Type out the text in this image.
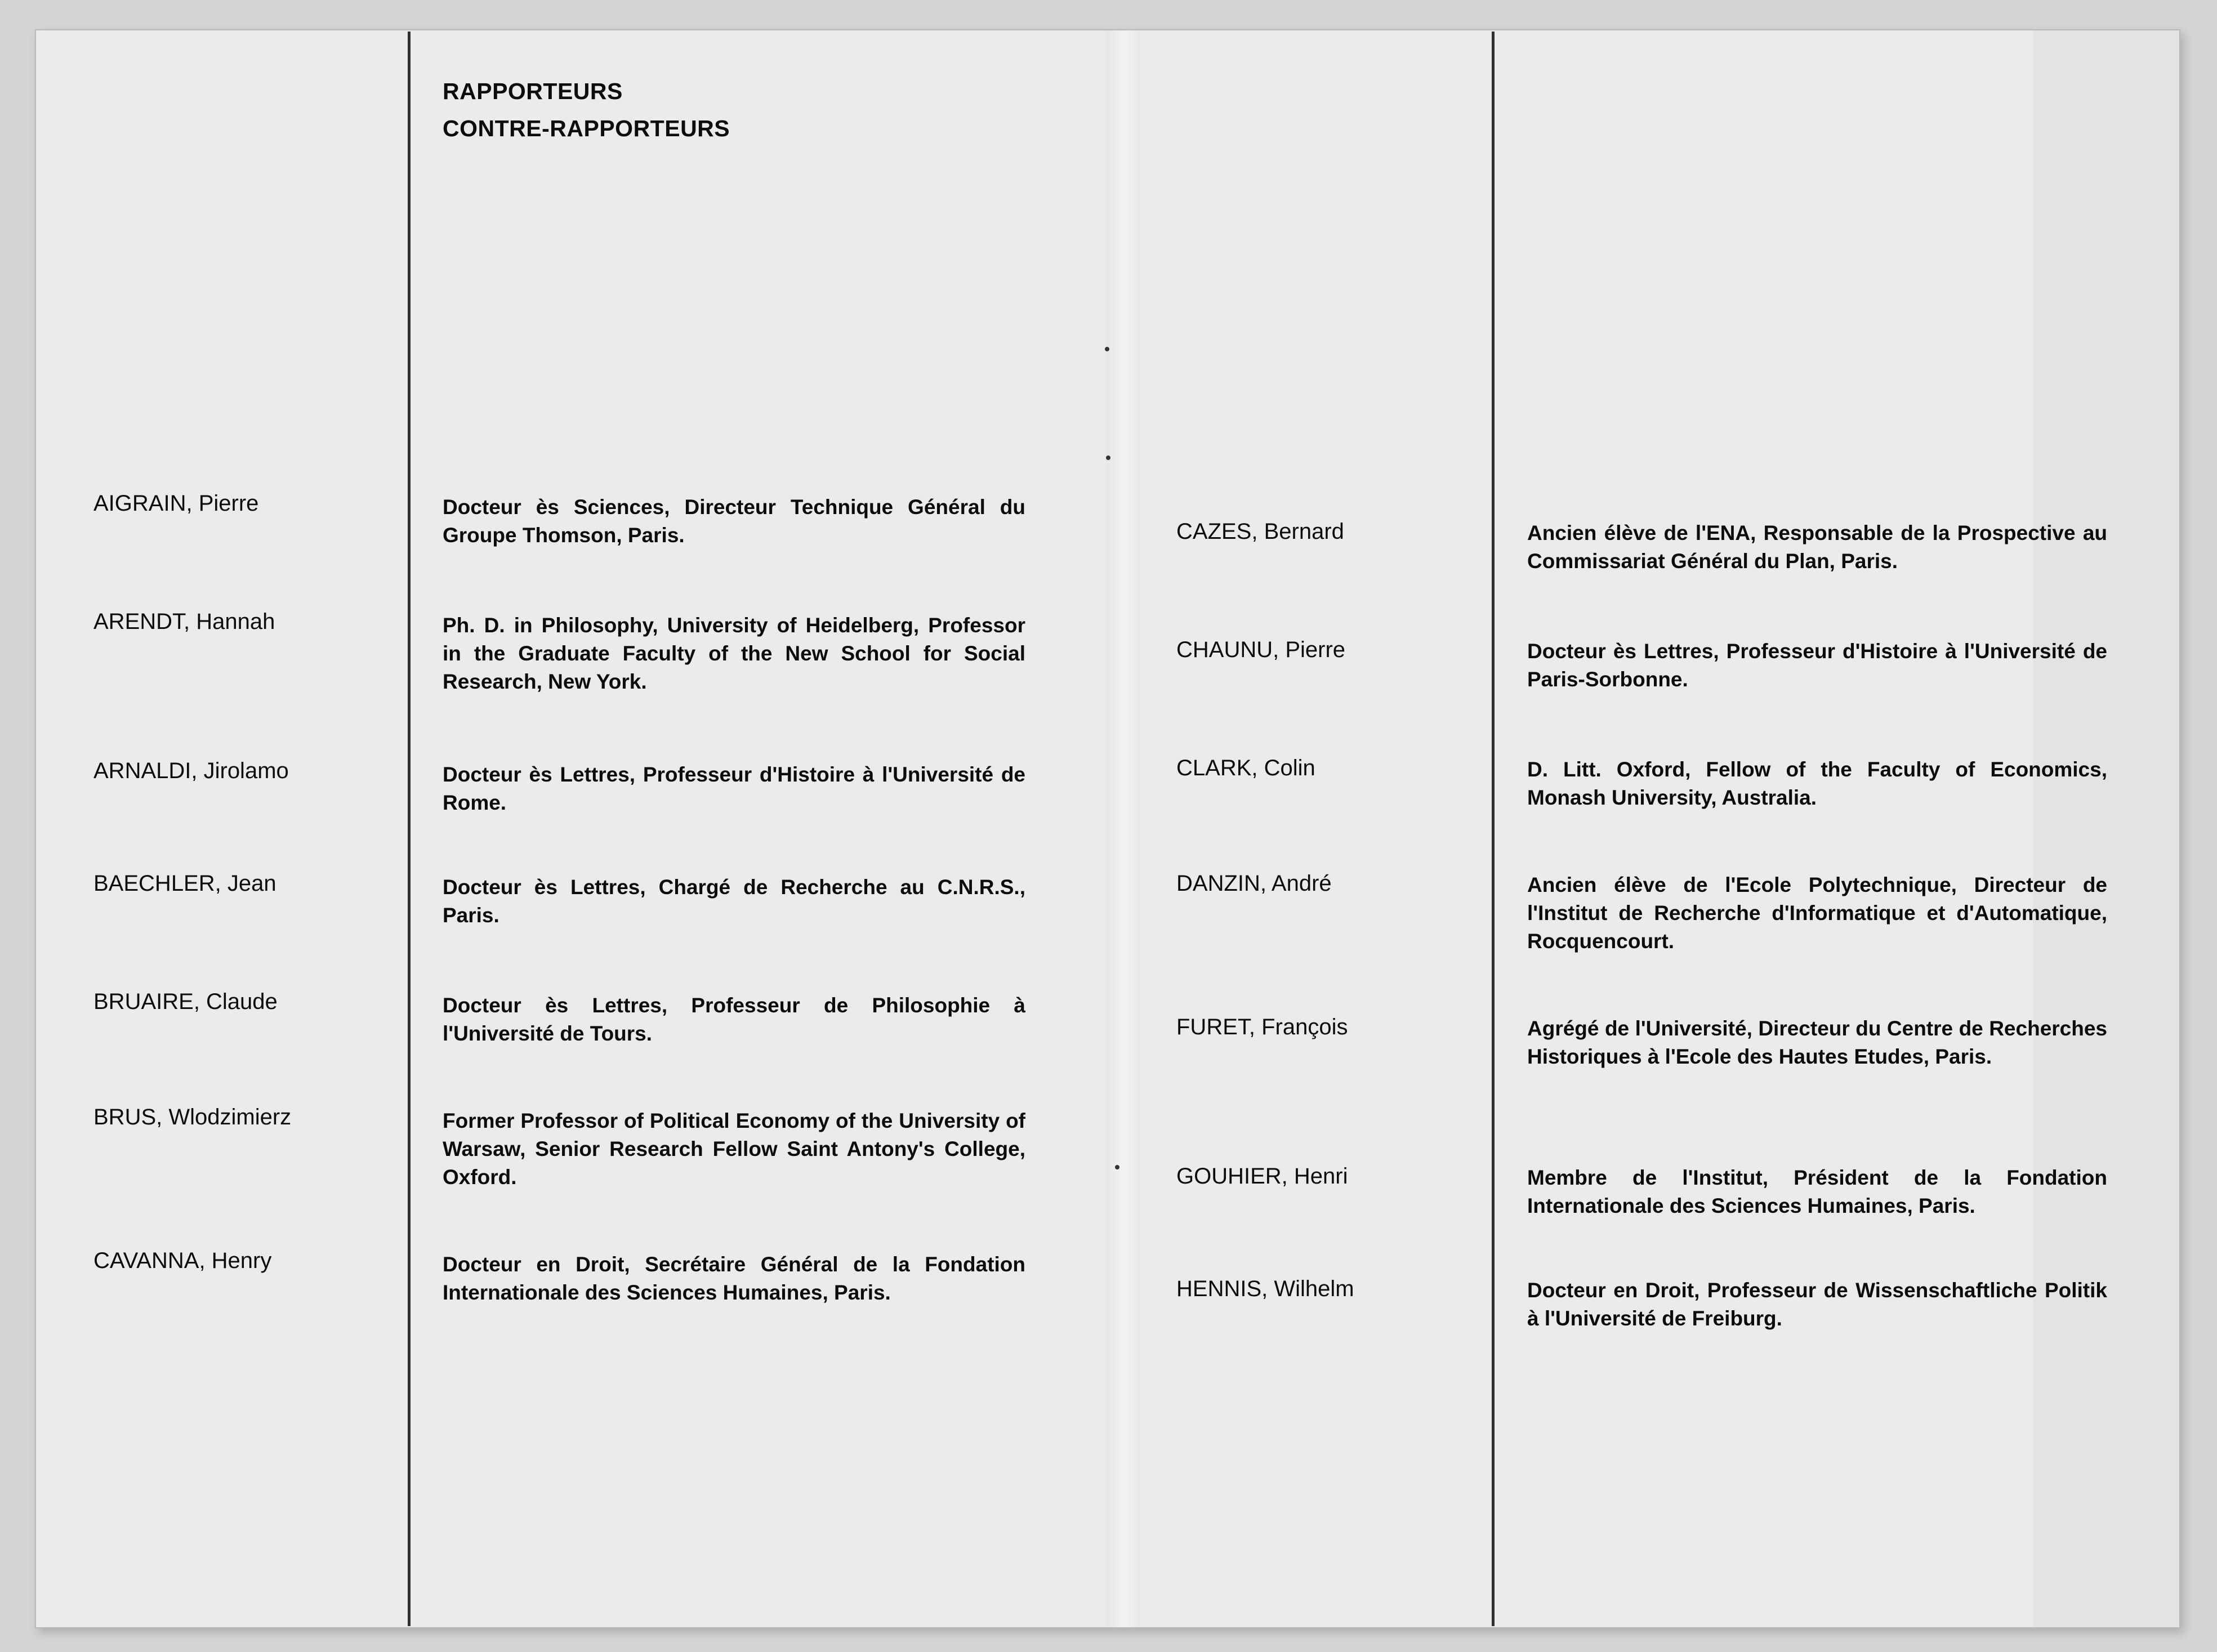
RAPPORTEURS
CONTRE-RAPPORTEURS
AIGRAIN, Pierre	Docteur ès Sciences, Directeur Technique Général du Groupe Thomson, Paris.
ARENDT, Hannah	Ph. D. in Philosophy, University of Heidelberg, Professor in the Graduate Faculty of the New School for Social Research, New York.
ARNALDI, Jirolamo	Docteur ès Lettres, Professeur d'Histoire à l'Université de Rome.
BAECHLER, Jean	Docteur ès Lettres, Chargé de Recherche au C.N.R.S., Paris.
BRUAIRE, Claude	Docteur ès Lettres, Professeur de Philosophie à l'Université de Tours.
BRUS, Wlodzimierz	Former Professor of Political Economy of the University of Warsaw, Senior Research Fellow Saint Antony's College, Oxford.
CAVANNA, Henry	Docteur en Droit, Secrétaire Général de la Fondation Internationale des Sciences Humaines, Paris.
CAZES, Bernard	Ancien élève de l'ENA, Responsable de la Prospective au Commissariat Général du Plan, Paris.
CHAUNU, Pierre	Docteur ès Lettres, Professeur d'Histoire à l'Université de Paris-Sorbonne.
CLARK, Colin	D. Litt. Oxford, Fellow of the Faculty of Economics, Monash University, Australia.
DANZIN, André	Ancien élève de l'Ecole Polytechnique, Directeur de l'Institut de Recherche d'Informatique et d'Automatique, Rocquencourt.
FURET, François	Agrégé de l'Université, Directeur du Centre de Recherches Historiques à l'Ecole des Hautes Etudes, Paris.
GOUHIER, Henri	Membre de l'Institut, Président de la Fondation Internationale des Sciences Humaines, Paris.
HENNIS, Wilhelm	Docteur en Droit, Professeur de Wissenschaftliche Politik à l'Université de Freiburg.
